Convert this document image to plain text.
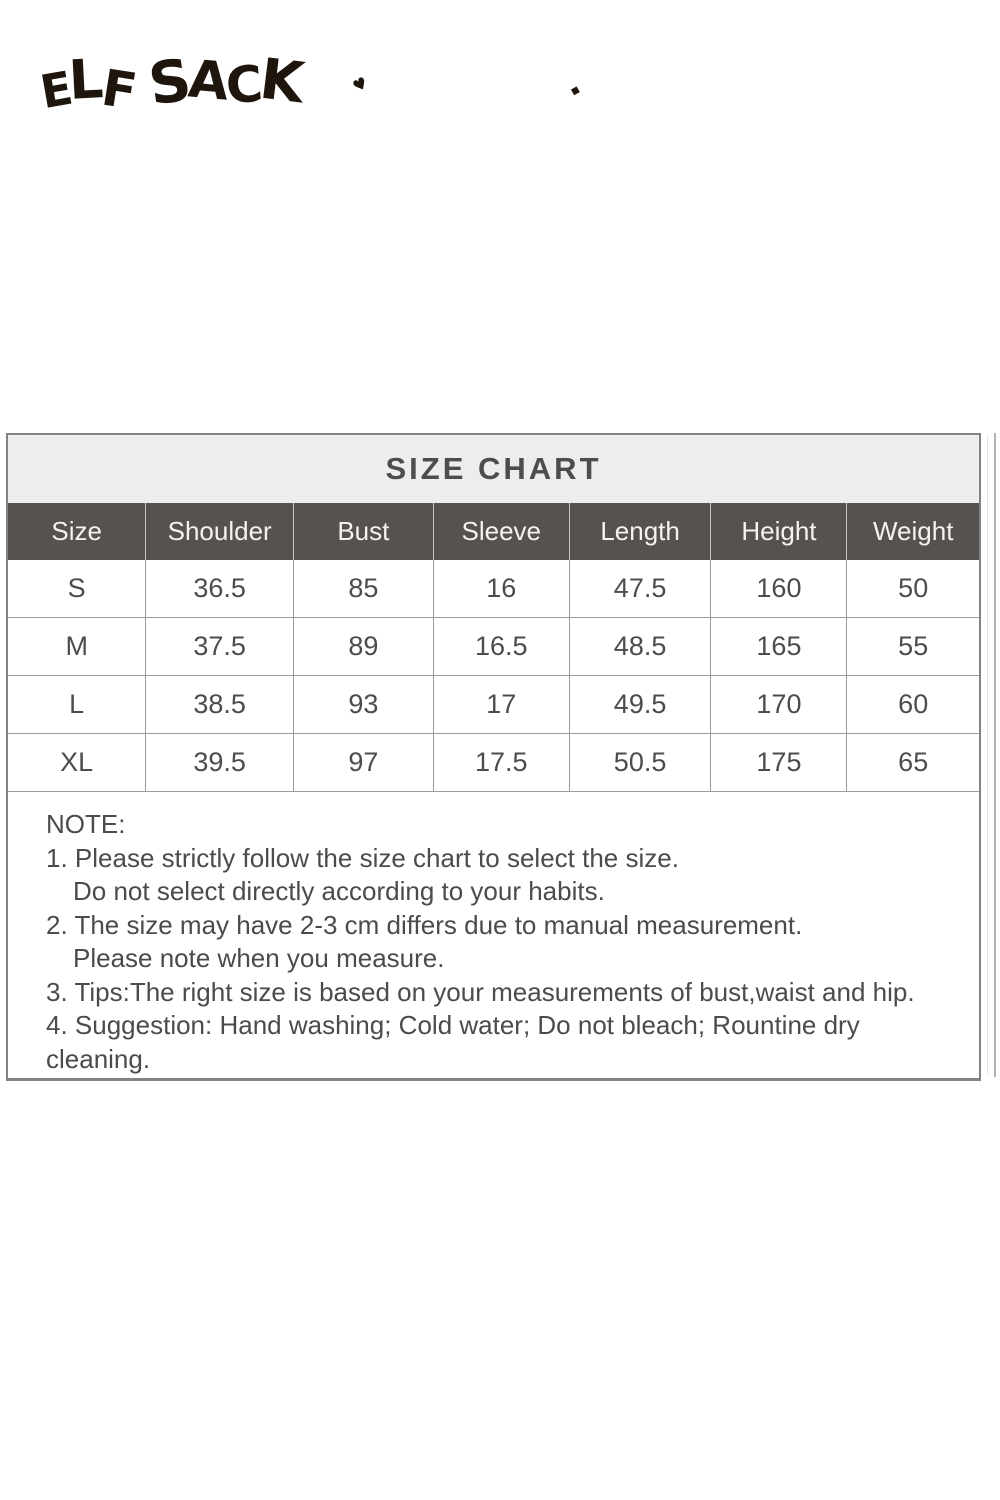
ELFSACK	♥	◆
SIZE CHART
Size	Shoulder	Bust	Sleeve	Length	Height	Weight
S	36.5	85	16	47.5	160	50
M	37.5	89	16.5	48.5	165	55
L	38.5	93	17	49.5	170	60
XL	39.5	97	17.5	50.5	175	65

NOTE:

1. Please strictly follow the size chart to select the size.

Do not select directly according to your habits.

2. The size may have 2-3 cm differs due to manual measurement.

Please note when you measure.

3. Tips:The right size is based on your measurements of bust,waist and hip.

4. Suggestion: Hand washing; Cold water; Do not bleach; Rountine dry cleaning.
